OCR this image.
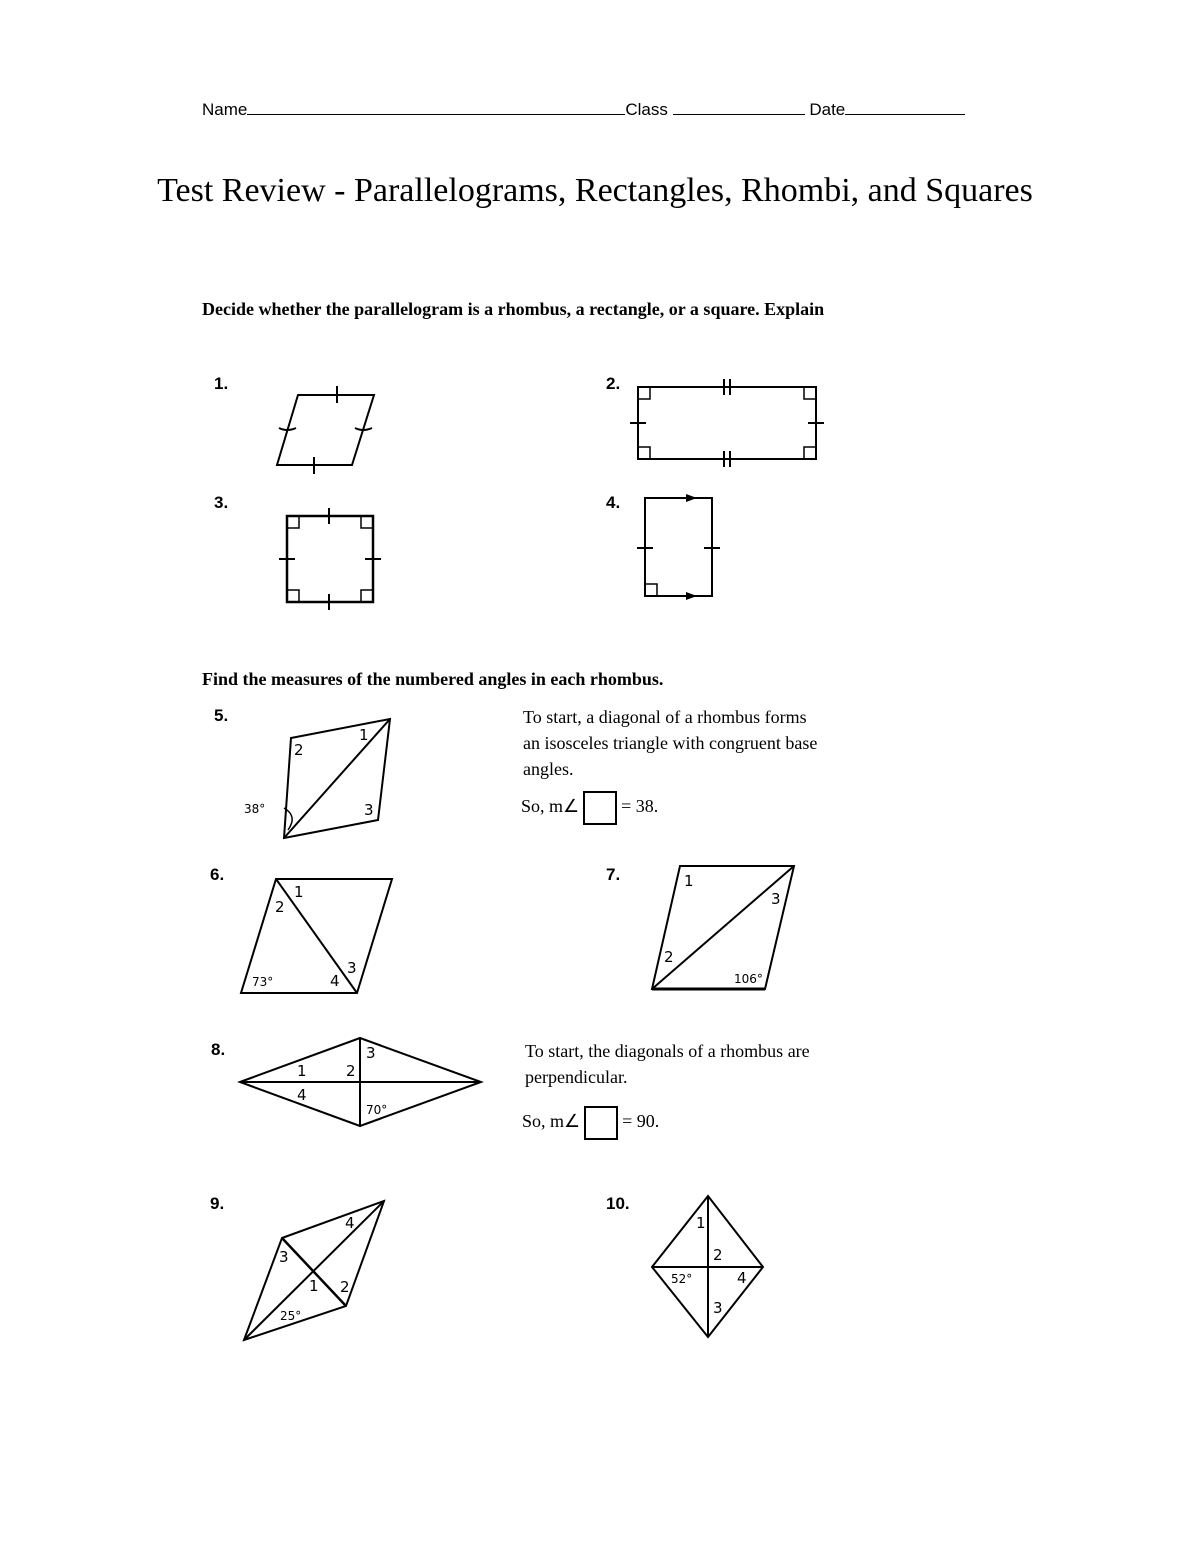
Name	Class	Date
Test Review - Parallelograms, Rectangles, Rhombi, and Squares
Decide whether the parallelogram is a rhombus, a rectangle, or a square. Explain
1.	2.
3.	4.
Find the measures of the numbered angles in each rhombus.
5.
1
2
3
38°
To start, a diagonal of a rhombus forms
an isosceles triangle with congruent base
angles.
So, m∠ = 38.
6.
1
2
3
4
73°
7.	1
2
3
106°
8.
1	2
3
4
70°
To start, the diagonals of a rhombus are
perpendicular.
So, m∠ = 90.
9.
1 2
3
4
25°
10.
1
2
3
4
52°
